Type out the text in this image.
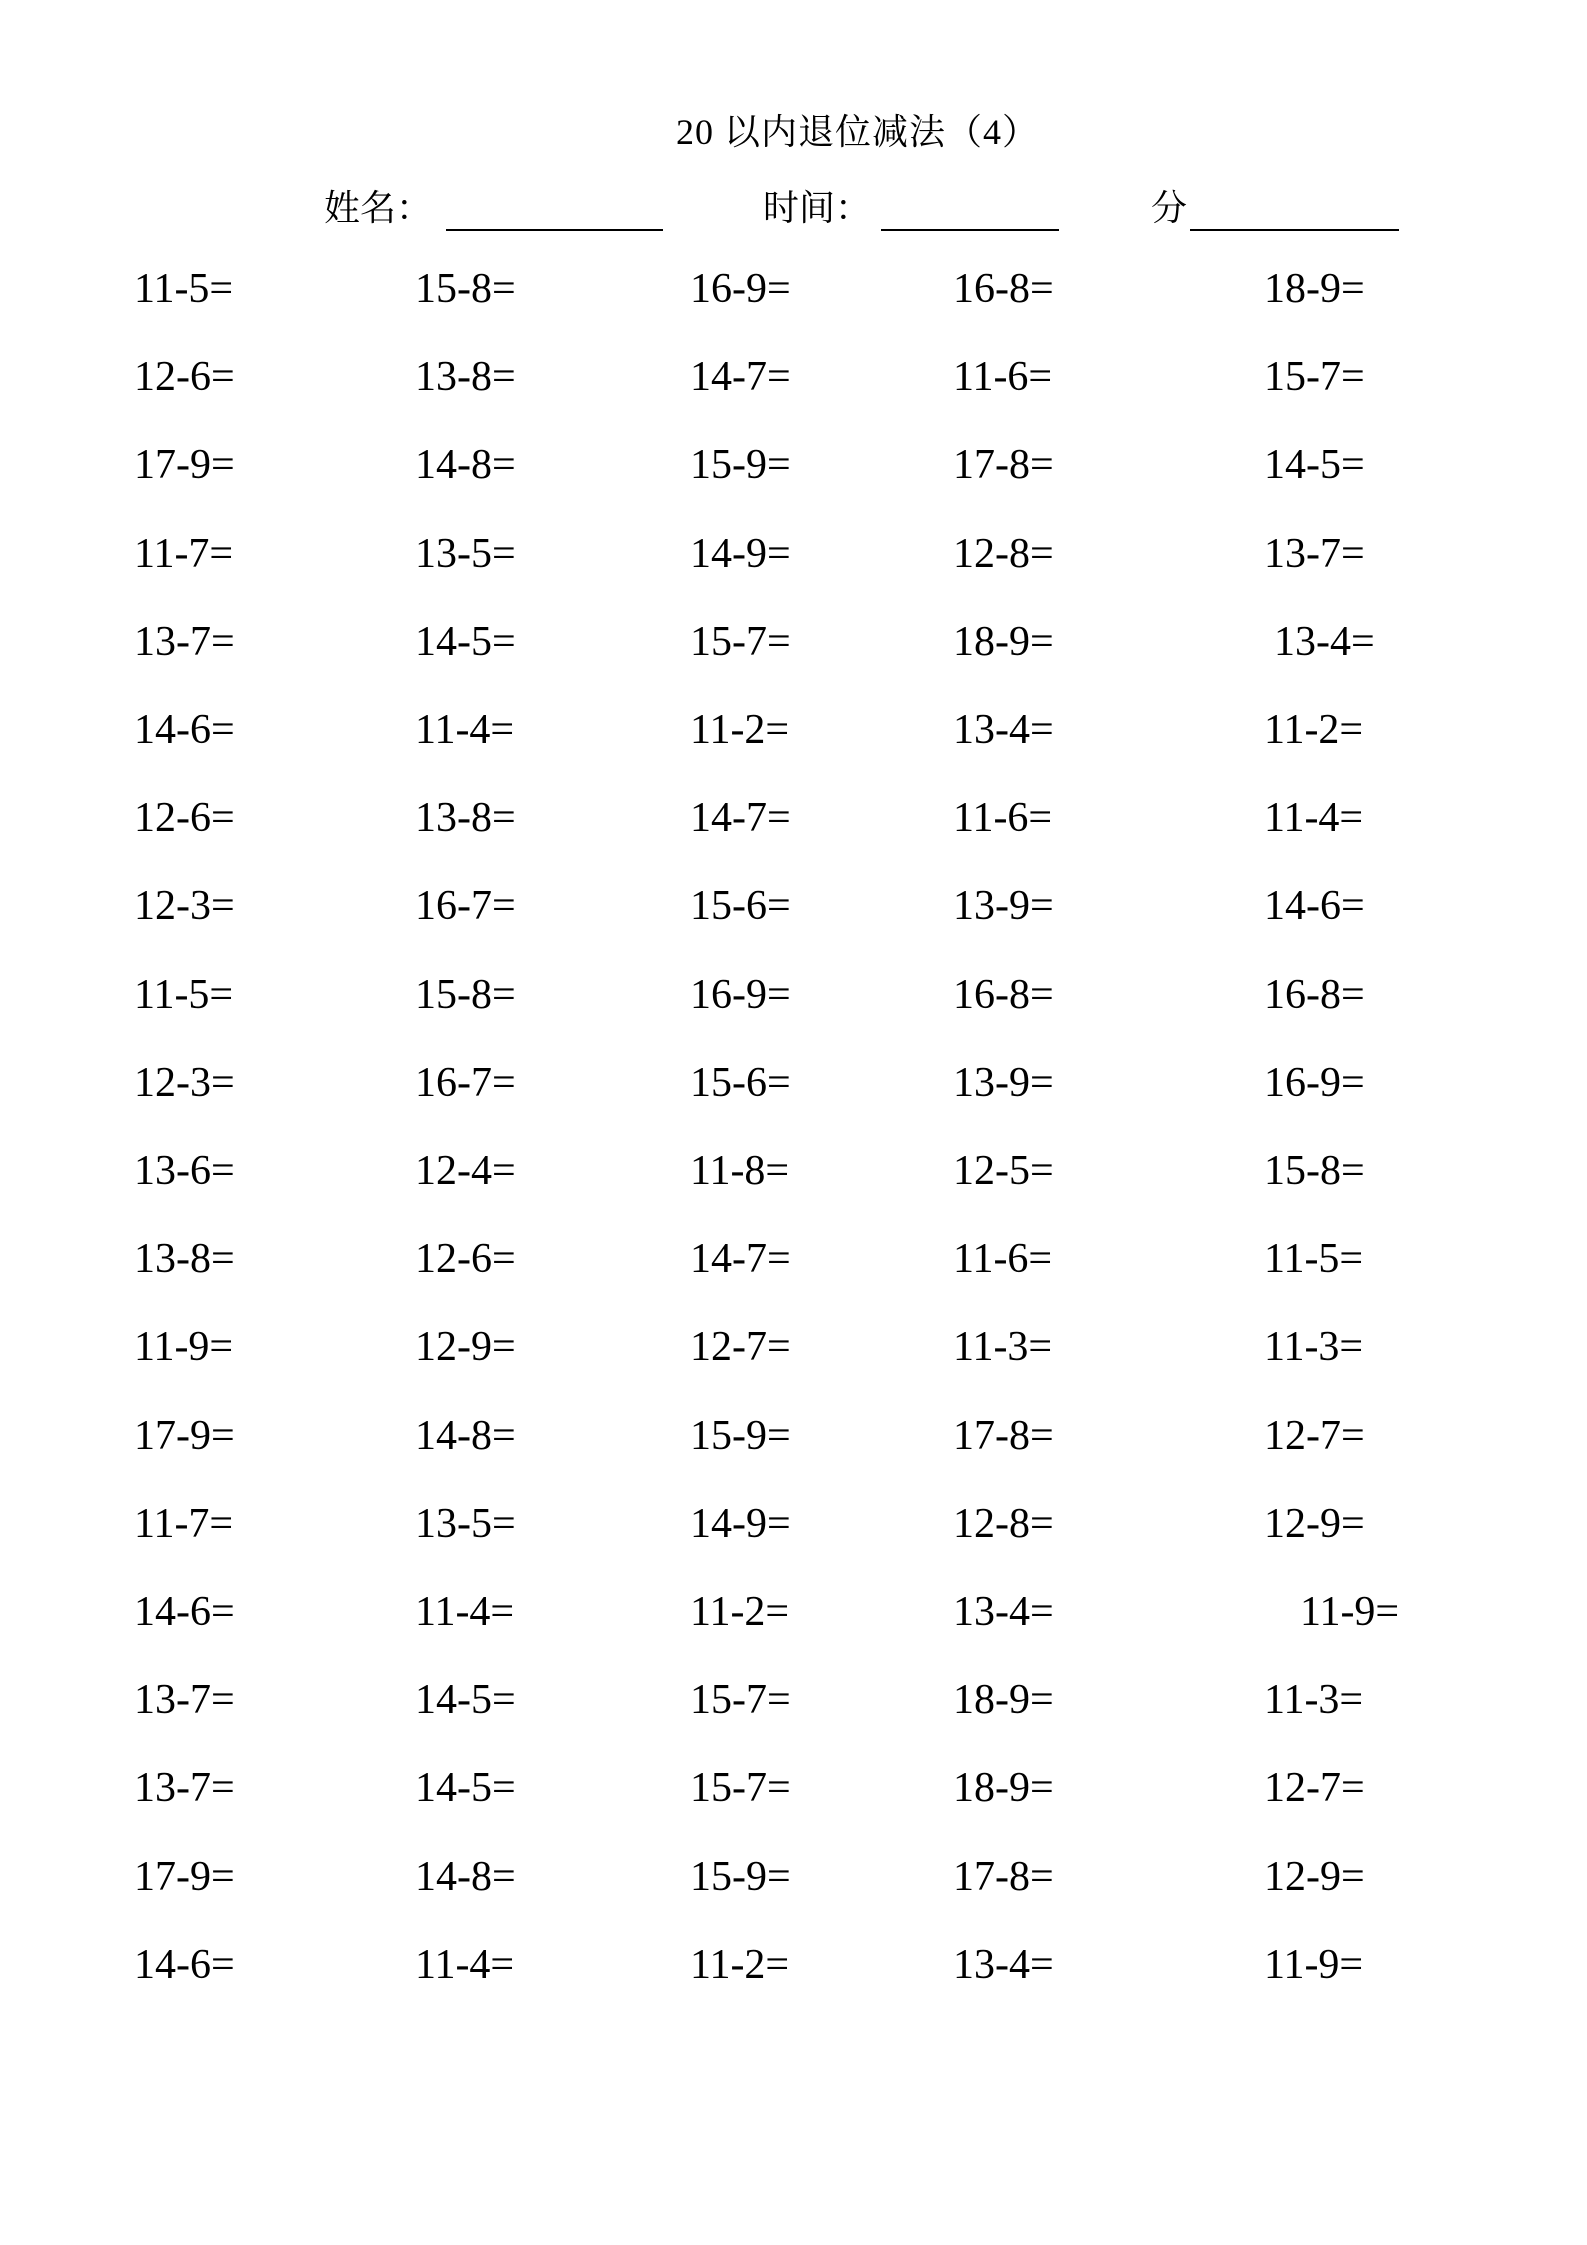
20 以内退位减法（4）
姓名：	时间：	分
11-5=	15-8=	16-9=	16-8=	18-9=
12-6=	13-8=	14-7=	11-6=	15-7=
17-9=	14-8=	15-9=	17-8=	14-5=
11-7=	13-5=	14-9=	12-8=	13-7=
13-7=	14-5=	15-7=	18-9=	13-4=
14-6=	11-4=	11-2=	13-4=	11-2=
12-6=	13-8=	14-7=	11-6=	11-4=
12-3=	16-7=	15-6=	13-9=	14-6=
11-5=	15-8=	16-9=	16-8=	16-8=
12-3=	16-7=	15-6=	13-9=	16-9=
13-6=	12-4=	11-8=	12-5=	15-8=
13-8=	12-6=	14-7=	11-6=	11-5=
11-9=	12-9=	12-7=	11-3=	11-3=
17-9=	14-8=	15-9=	17-8=	12-7=
11-7=	13-5=	14-9=	12-8=	12-9=
14-6=	11-4=	11-2=	13-4=	11-9=
13-7=	14-5=	15-7=	18-9=	11-3=
13-7=	14-5=	15-7=	18-9=	12-7=
17-9=	14-8=	15-9=	17-8=	12-9=
14-6=	11-4=	11-2=	13-4=	11-9=
